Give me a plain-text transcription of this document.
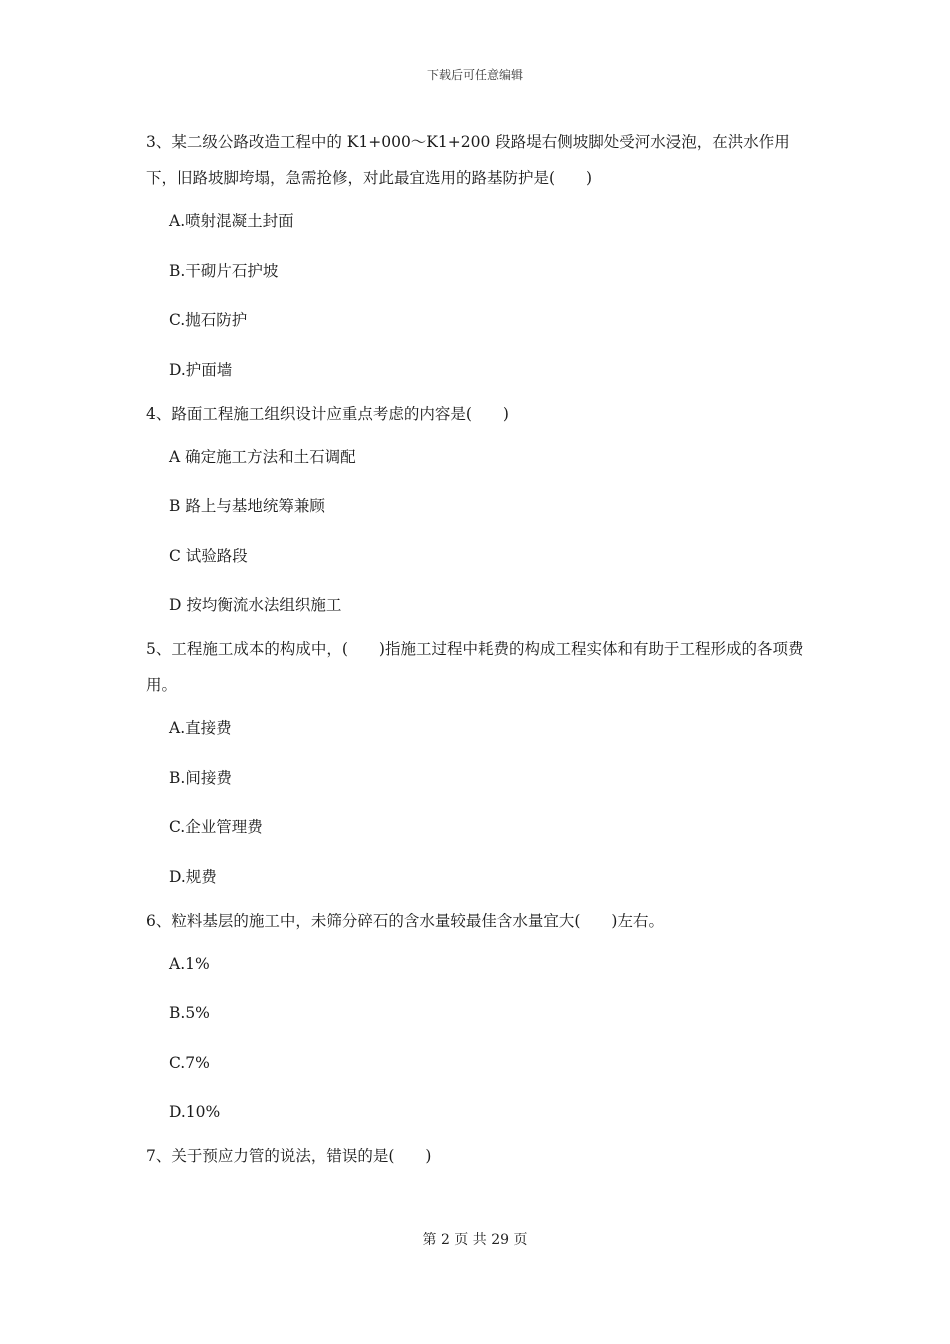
下载后可任意编辑

3、某二级公路改造工程中的 K1+000～K1+200 段路堤右侧坡脚处受河水浸泡，在洪水作用下，旧路坡脚垮塌，急需抢修，对此最宜选用的路基防护是(　　)

A.喷射混凝土封面

B.干砌片石护坡

C.抛石防护

D.护面墙

4、路面工程施工组织设计应重点考虑的内容是(　　)

A 确定施工方法和土石调配

B 路上与基地统筹兼顾

C 试验路段

D 按均衡流水法组织施工

5、工程施工成本的构成中，(　　)指施工过程中耗费的构成工程实体和有助于工程形成的各项费用。

A.直接费

B.间接费

C.企业管理费

D.规费

6、粒料基层的施工中，未筛分碎石的含水量较最佳含水量宜大(　　)左右。

A.1%

B.5%

C.7%

D.10%

7、关于预应力管的说法，错误的是(　　)

第 2 页 共 29 页
